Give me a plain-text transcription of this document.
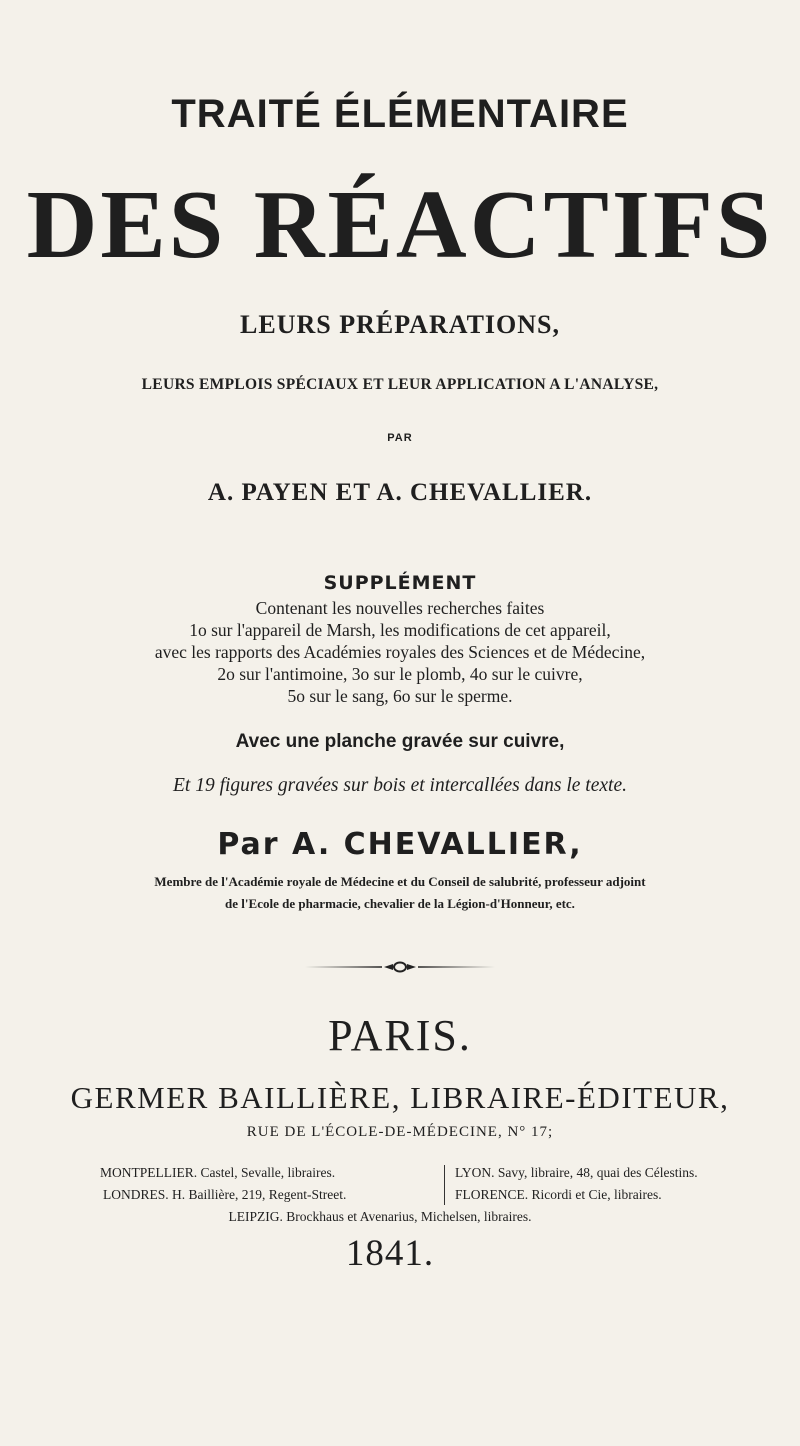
TRAITÉ ÉLÉMENTAIRE
DES RÉACTIFS
LEURS PRÉPARATIONS,
LEURS EMPLOIS SPÉCIAUX ET LEUR APPLICATION A L'ANALYSE,
PAR
A. PAYEN ET A. CHEVALLIER.
SUPPLÉMENT
Contenant les nouvelles recherches faites
1o sur l'appareil de Marsh, les modifications de cet appareil,
avec les rapports des Académies royales des Sciences et de Médecine,
2o sur l'antimoine, 3o sur le plomb, 4o sur le cuivre,
5o sur le sang, 6o sur le sperme.
Avec une planche gravée sur cuivre,
Et 19 figures gravées sur bois et intercallées dans le texte.
Par A. CHEVALLIER,
Membre de l'Académie royale de Médecine et du Conseil de salubrité, professeur adjoint
de l'Ecole de pharmacie, chevalier de la Légion-d'Honneur, etc.
PARIS.
GERMER BAILLIÈRE, LIBRAIRE-ÉDITEUR,
RUE DE L'ÉCOLE-DE-MÉDECINE, N° 17;
MONTPELLIER. Castel, Sevalle, libraires.
LONDRES. H. Baillière, 219, Regent-Street.
LYON. Savy, libraire, 48, quai des Célestins.
FLORENCE. Ricordi et Cie, libraires.
LEIPZIG. Brockhaus et Avenarius, Michelsen, libraires.
1841.
